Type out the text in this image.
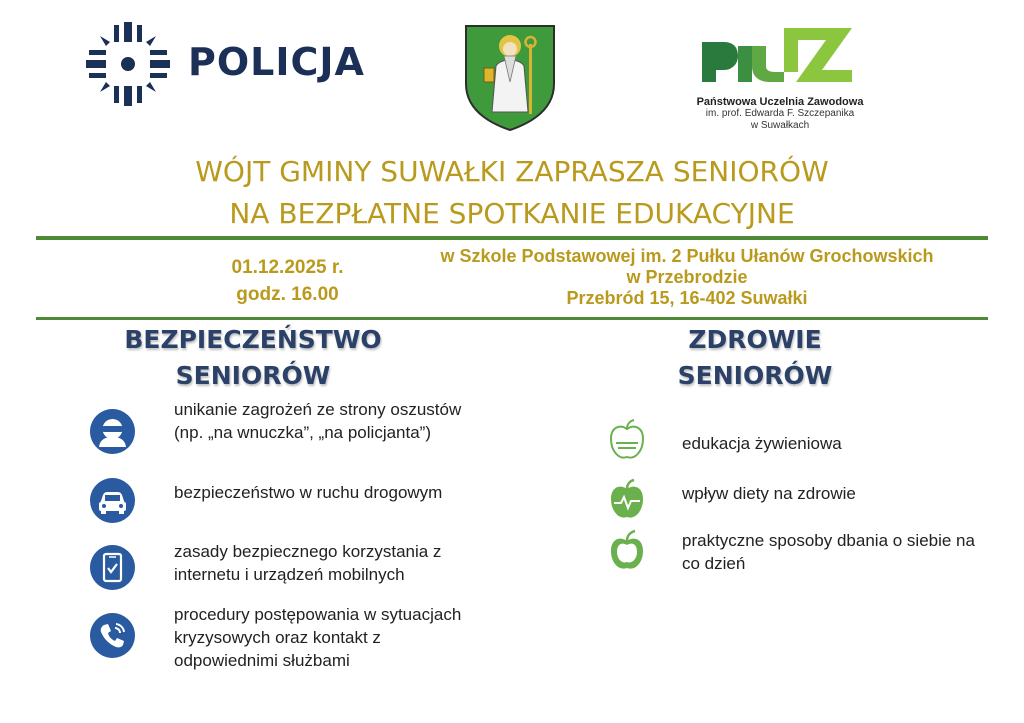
POLICJA
Państwowa Uczelnia Zawodowa
im. prof. Edwarda F. Szczepanika
w Suwałkach
WÓJT GMINY SUWAŁKI ZAPRASZA SENIORÓW
NA BEZPŁATNE SPOTKANIE EDUKACYJNE
01.12.2025 r.
godz. 16.00
w Szkole Podstawowej im. 2 Pułku Ułanów Grochowskich
w Przebrodzie
Przebród 15, 16-402 Suwałki
BEZPIECZEŃSTWO
SENIORÓW
unikanie zagrożeń ze strony oszustów (np. „na wnuczka”, „na policjanta”)
bezpieczeństwo w ruchu drogowym
zasady bezpiecznego korzystania z internetu i urządzeń mobilnych
procedury postępowania w sytuacjach kryzysowych oraz kontakt z odpowiednimi służbami
ZDROWIE
SENIORÓW
edukacja żywieniowa
wpływ diety na zdrowie
praktyczne sposoby dbania o siebie na co dzień
